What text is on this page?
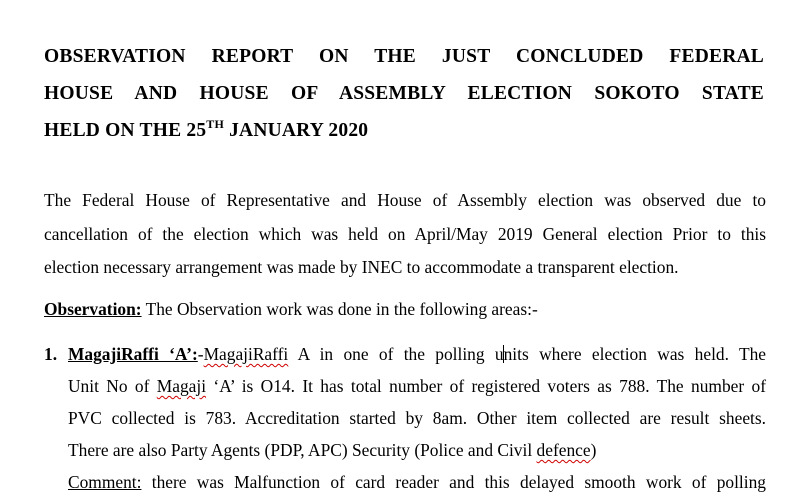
OBSERVATION REPORT ON THE JUST CONCLUDED FEDERAL
HOUSE AND HOUSE OF ASSEMBLY ELECTION SOKOTO STATE
HELD ON THE 25TH JANUARY 2020
The Federal House of Representative and House of Assembly election was observed due to
cancellation of the election which was held on April/May 2019 General election Prior to this
election necessary arrangement was made by INEC to accommodate a transparent election.
Observation: The Observation work was done in the following areas:-
1. MagajiRaffi ‘A’:-MagajiRaffi A in one of the polling units where election was held. The
Unit No of Magaji ‘A’ is O14. It has total number of registered voters as 788. The number of
PVC collected is 783. Accreditation started by 8am. Other item collected are result sheets.
There are also Party Agents (PDP, APC) Security (Police and Civil defence)
Comment: there was Malfunction of card reader and this delayed smooth work of polling
